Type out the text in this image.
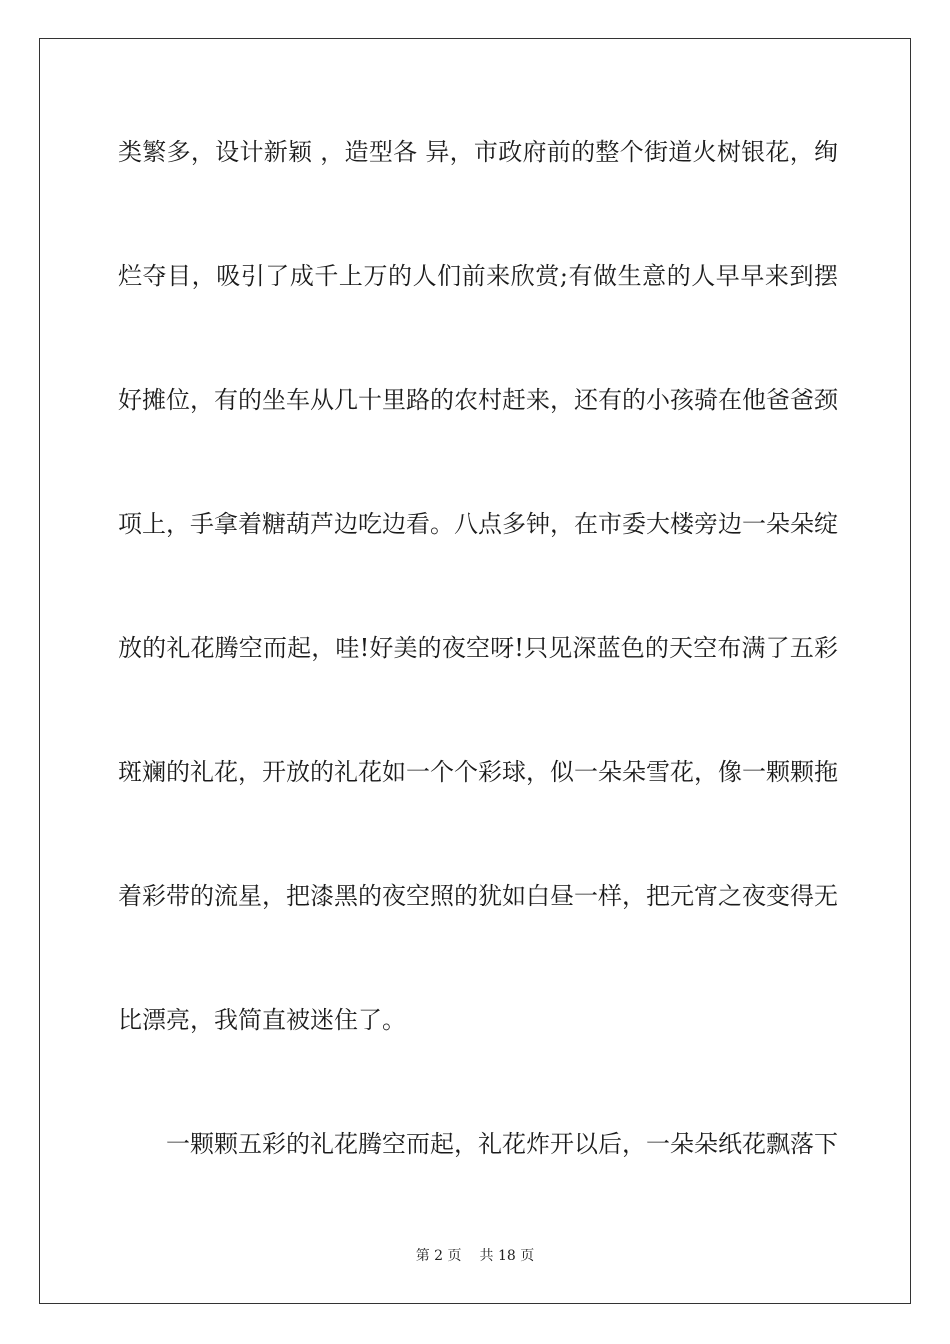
类繁多，设计新颖 ，造型各 异，市政府前的整个街道火树银花，绚
烂夺目，吸引了成千上万的人们前来欣赏;有做生意的人早早来到摆
好摊位，有的坐车从几十里路的农村赶来，还有的小孩骑在他爸爸颈
项上，手拿着糖葫芦边吃边看。八点多钟，在市委大楼旁边一朵朵绽
放的礼花腾空而起，哇!好美的夜空呀!只见深蓝色的天空布满了五彩
斑斓的礼花，开放的礼花如一个个彩球，似一朵朵雪花，像一颗颗拖
着彩带的流星，把漆黑的夜空照的犹如白昼一样，把元宵之夜变得无
比漂亮，我简直被迷住了。
一颗颗五彩的礼花腾空而起，礼花炸开以后，一朵朵纸花飘落下
第 2 页 共 18 页
